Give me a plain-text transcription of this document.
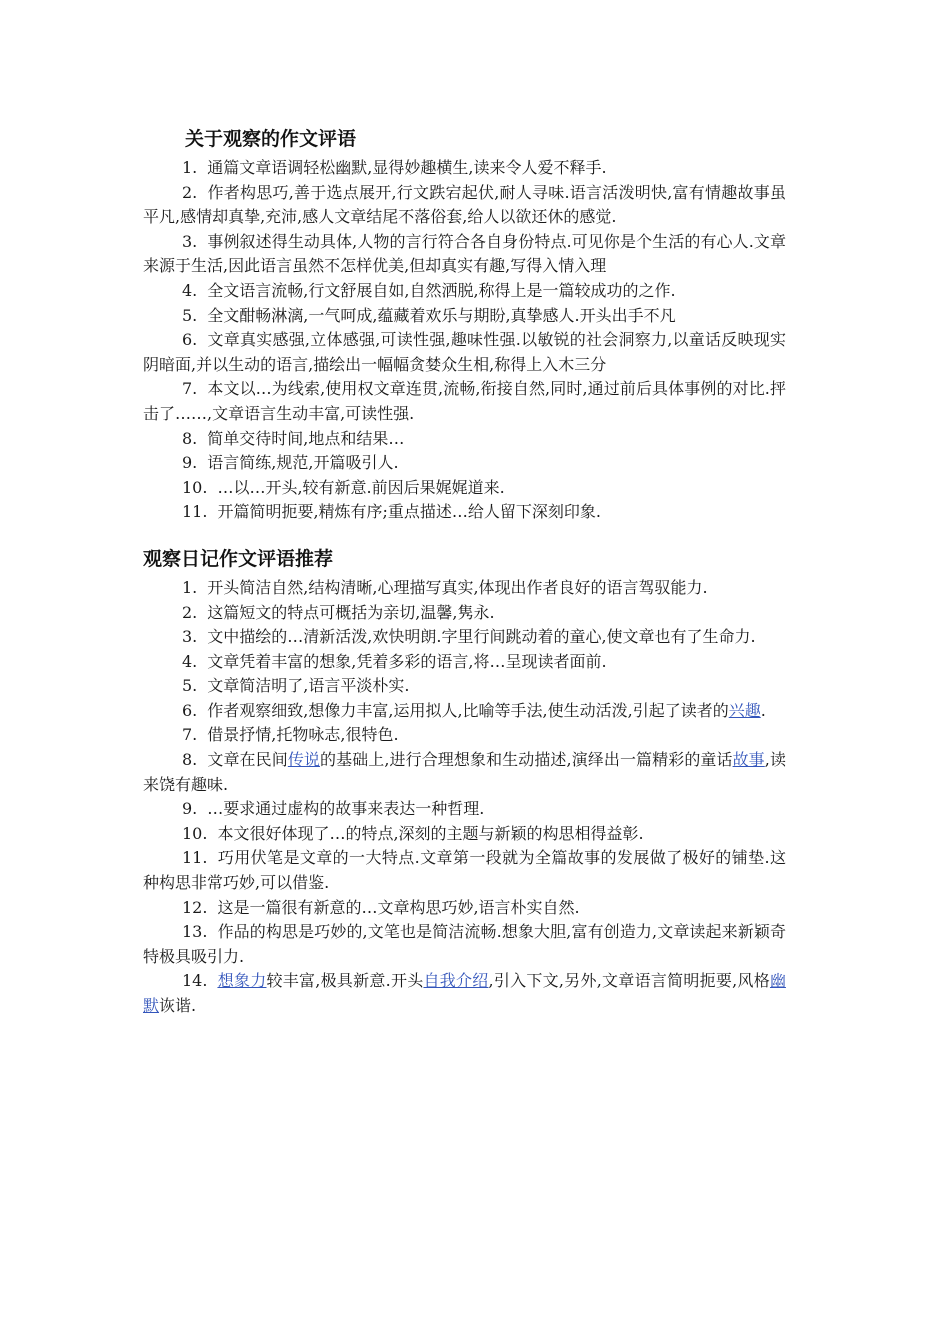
关于观察的作文评语

1. 通篇文章语调轻松幽默,显得妙趣横生,读来令人爱不释手.

2. 作者构思巧,善于选点展开,行文跌宕起伏,耐人寻味.语言活泼明快,富有情趣故事虽平凡,感情却真挚,充沛,感人文章结尾不落俗套,给人以欲还休的感觉.

3. 事例叙述得生动具体,人物的言行符合各自身份特点.可见你是个生活的有心人.文章来源于生活,因此语言虽然不怎样优美,但却真实有趣,写得入情入理

4. 全文语言流畅,行文舒展自如,自然洒脱,称得上是一篇较成功的之作.

5. 全文酣畅淋漓,一气呵成,蕴藏着欢乐与期盼,真挚感人.开头出手不凡

6. 文章真实感强,立体感强,可读性强,趣味性强.以敏锐的社会洞察力,以童话反映现实阴暗面,并以生动的语言,描绘出一幅幅贪婪众生相,称得上入木三分

7. 本文以…为线索,使用权文章连贯,流畅,衔接自然,同时,通过前后具体事例的对比.抨击了……,文章语言生动丰富,可读性强.

8. 简单交待时间,地点和结果…

9. 语言简练,规范,开篇吸引人.

10. …以…开头,较有新意.前因后果娓娓道来.

11. 开篇简明扼要,精炼有序;重点描述…给人留下深刻印象.

观察日记作文评语推荐

1. 开头简洁自然,结构清晰,心理描写真实,体现出作者良好的语言驾驭能力.

2. 这篇短文的特点可概括为亲切,温馨,隽永.

3. 文中描绘的…清新活泼,欢快明朗.字里行间跳动着的童心,使文章也有了生命力.

4. 文章凭着丰富的想象,凭着多彩的语言,将…呈现读者面前.

5. 文章简洁明了,语言平淡朴实.

6. 作者观察细致,想像力丰富,运用拟人,比喻等手法,使生动活泼,引起了读者的兴趣.

7. 借景抒情,托物咏志,很特色.

8. 文章在民间传说的基础上,进行合理想象和生动描述,演绎出一篇精彩的童话故事,读来饶有趣味.

9. …要求通过虚构的故事来表达一种哲理.

10. 本文很好体现了…的特点,深刻的主题与新颖的构思相得益彰.

11. 巧用伏笔是文章的一大特点.文章第一段就为全篇故事的发展做了极好的铺垫.这种构思非常巧妙,可以借鉴.

12. 这是一篇很有新意的…文章构思巧妙,语言朴实自然.

13. 作品的构思是巧妙的,文笔也是简洁流畅.想象大胆,富有创造力,文章读起来新颖奇特极具吸引力.

14. 想象力较丰富,极具新意.开头自我介绍,引入下文,另外,文章语言简明扼要,风格幽默诙谐.
